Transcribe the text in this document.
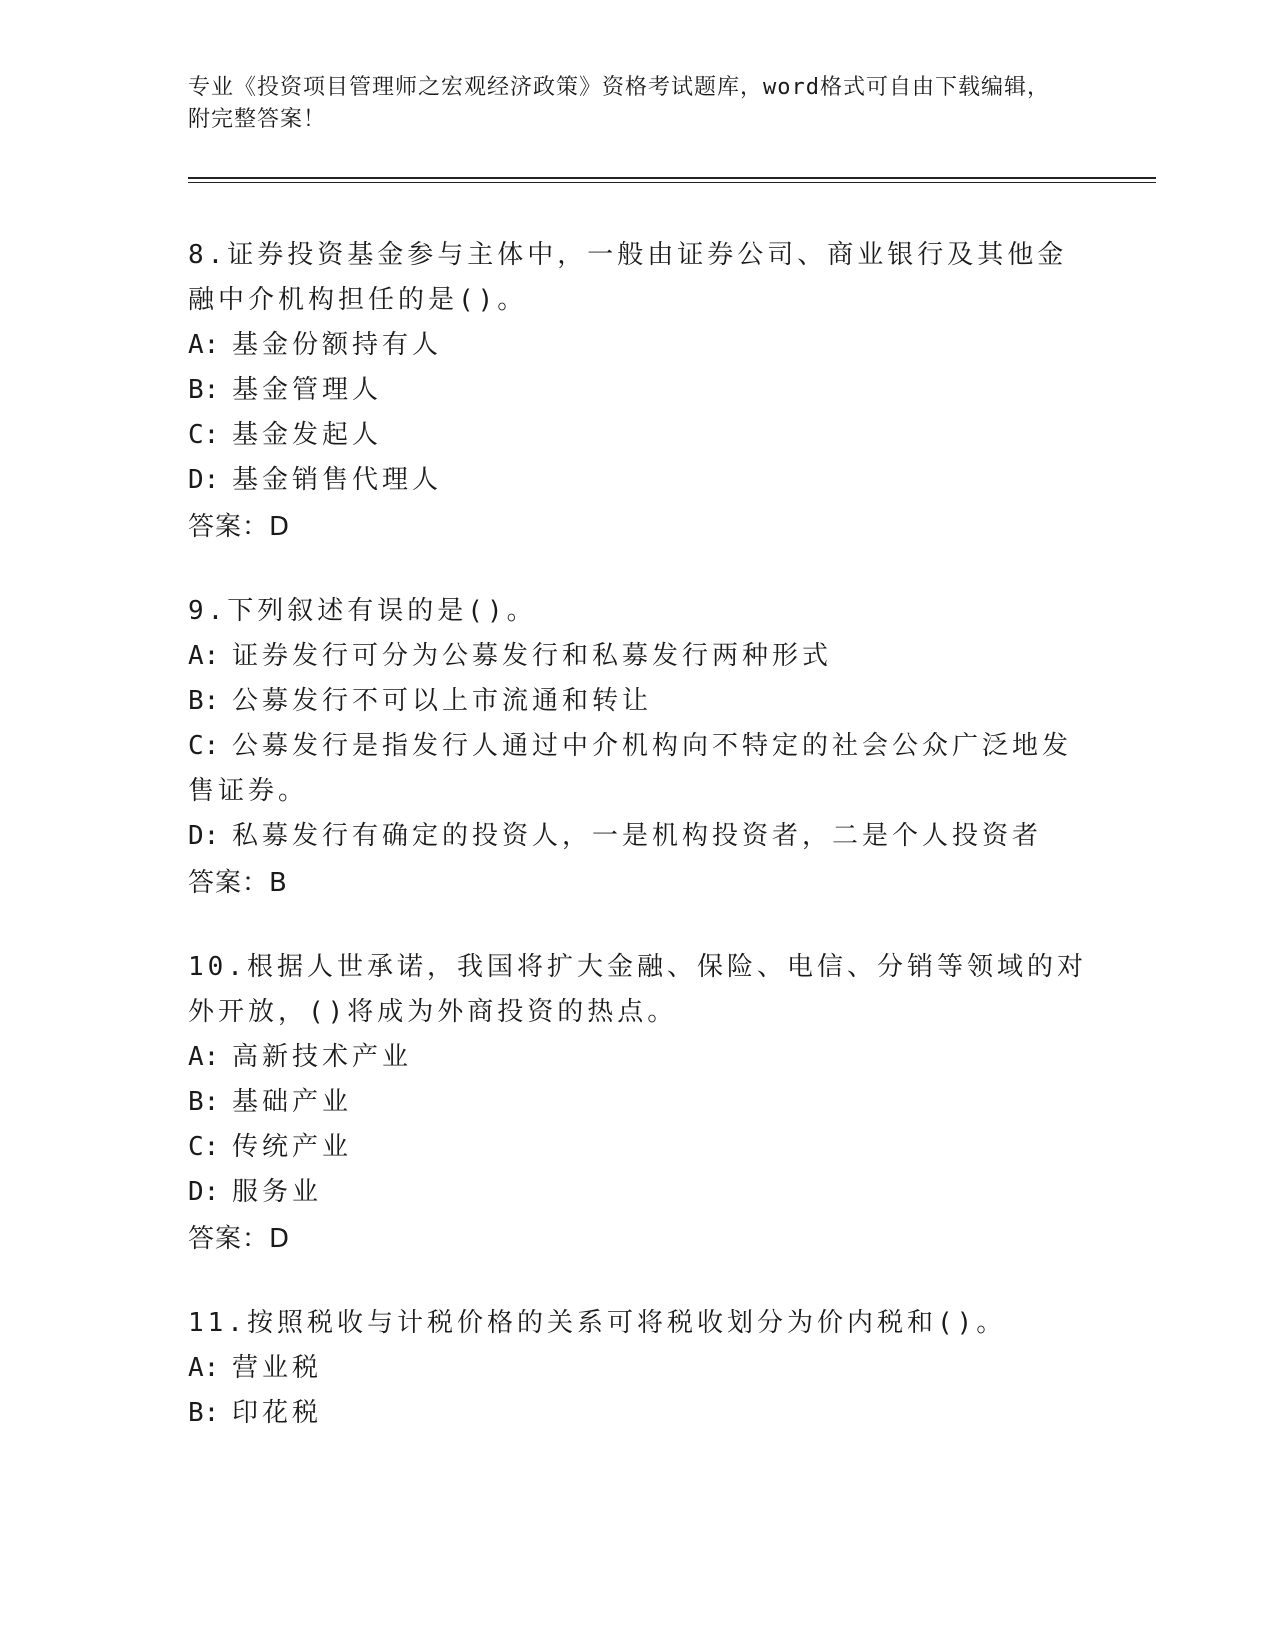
专业《投资项目管理师之宏观经济政策》资格考试题库，word格式可自由下载编辑，附完整答案！

8.证券投资基金参与主体中，一般由证券公司、商业银行及其他金融中介机构担任的是()。

A: 基金份额持有人

B: 基金管理人

C: 基金发起人

D: 基金销售代理人

答案：D

9.下列叙述有误的是()。

A: 证券发行可分为公募发行和私募发行两种形式

B: 公募发行不可以上市流通和转让

C: 公募发行是指发行人通过中介机构向不特定的社会公众广泛地发售证券。

D: 私募发行有确定的投资人，一是机构投资者，二是个人投资者

答案：B

10.根据人世承诺，我国将扩大金融、保险、电信、分销等领域的对外开放，()将成为外商投资的热点。

A: 高新技术产业

B: 基础产业

C: 传统产业

D: 服务业

答案：D

11.按照税收与计税价格的关系可将税收划分为价内税和()。

A: 营业税

B: 印花税
